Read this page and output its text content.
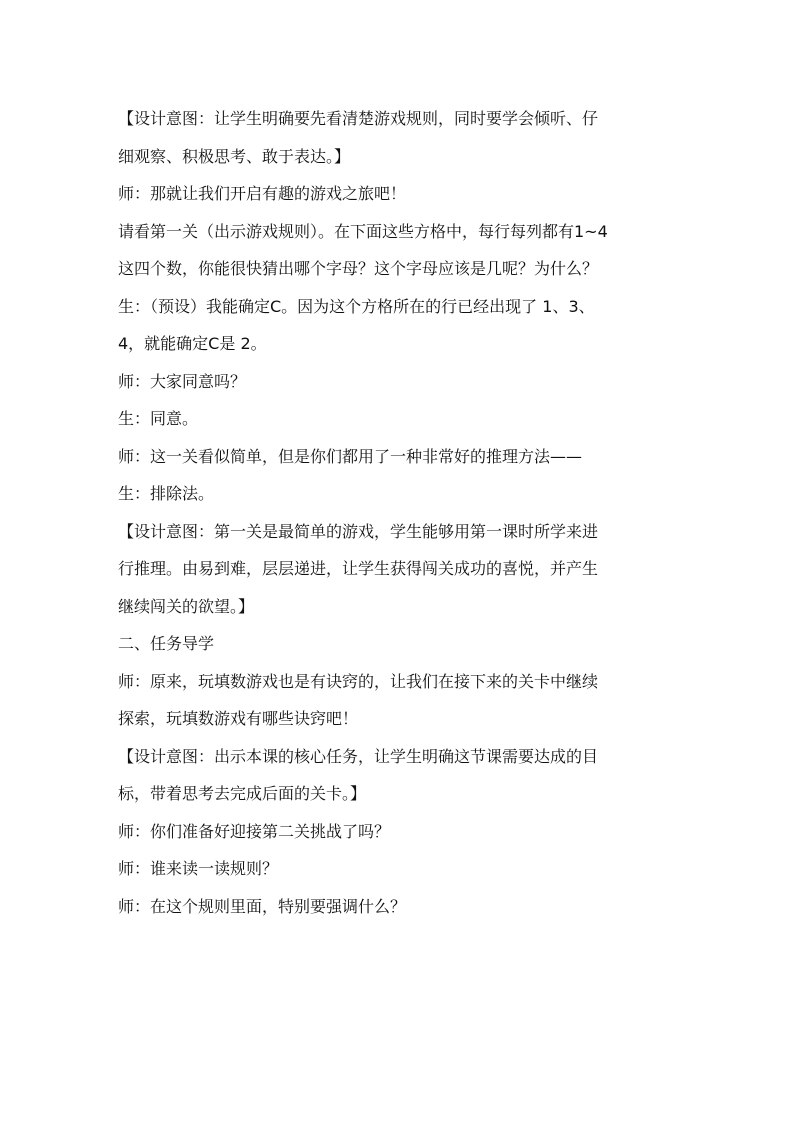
【设计意图：让学生明确要先看清楚游戏规则，同时要学会倾听、仔
细观察、积极思考、敢于表达。】
师：那就让我们开启有趣的游戏之旅吧！
请看第一关（出示游戏规则）。在下面这些方格中，每行每列都有1~4
这四个数，你能很快猜出哪个字母？这个字母应该是几呢？为什么？
生：（预设）我能确定C。因为这个方格所在的行已经出现了 1、3、
4，就能确定C是 2。
师：大家同意吗？
生：同意。
师：这一关看似简单，但是你们都用了一种非常好的推理方法——
生：排除法。
【设计意图：第一关是最简单的游戏，学生能够用第一课时所学来进
行推理。由易到难，层层递进，让学生获得闯关成功的喜悦，并产生
继续闯关的欲望。】
二、任务导学
师：原来，玩填数游戏也是有诀窍的，让我们在接下来的关卡中继续
探索，玩填数游戏有哪些诀窍吧！
【设计意图：出示本课的核心任务，让学生明确这节课需要达成的目
标，带着思考去完成后面的关卡。】
师：你们准备好迎接第二关挑战了吗？
师：谁来读一读规则？
师：在这个规则里面，特别要强调什么？
